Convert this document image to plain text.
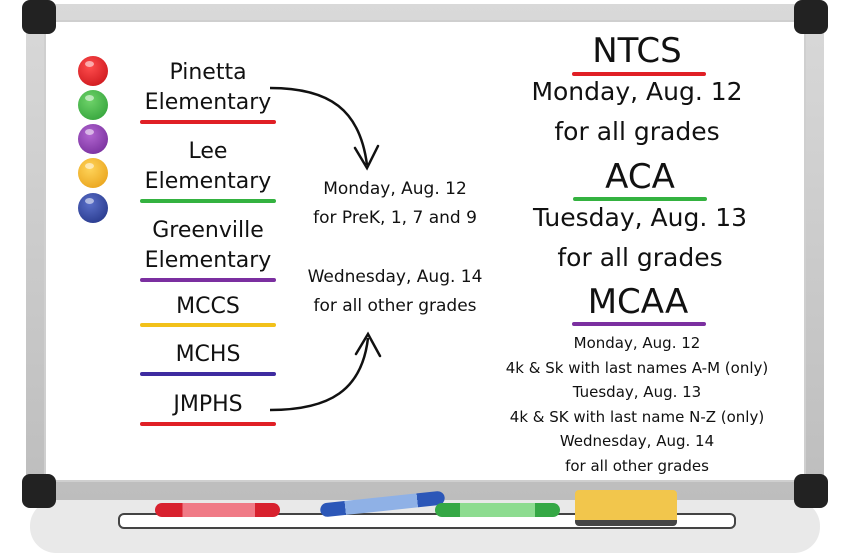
Pinetta
Elementary
Lee
Elementary
Greenville
Elementary
MCCS
MCHS
JMPHS
Monday, Aug. 12
for PreK, 1, 7 and 9
Wednesday, Aug. 14
for all other grades
NTCS
Monday, Aug. 12
for all grades
ACA
Tuesday, Aug. 13
for all grades
MCAA
Monday, Aug. 12
4k & Sk with last names A-M (only)
Tuesday, Aug. 13
4k & SK with last name N-Z (only)
Wednesday, Aug. 14
for all other grades
